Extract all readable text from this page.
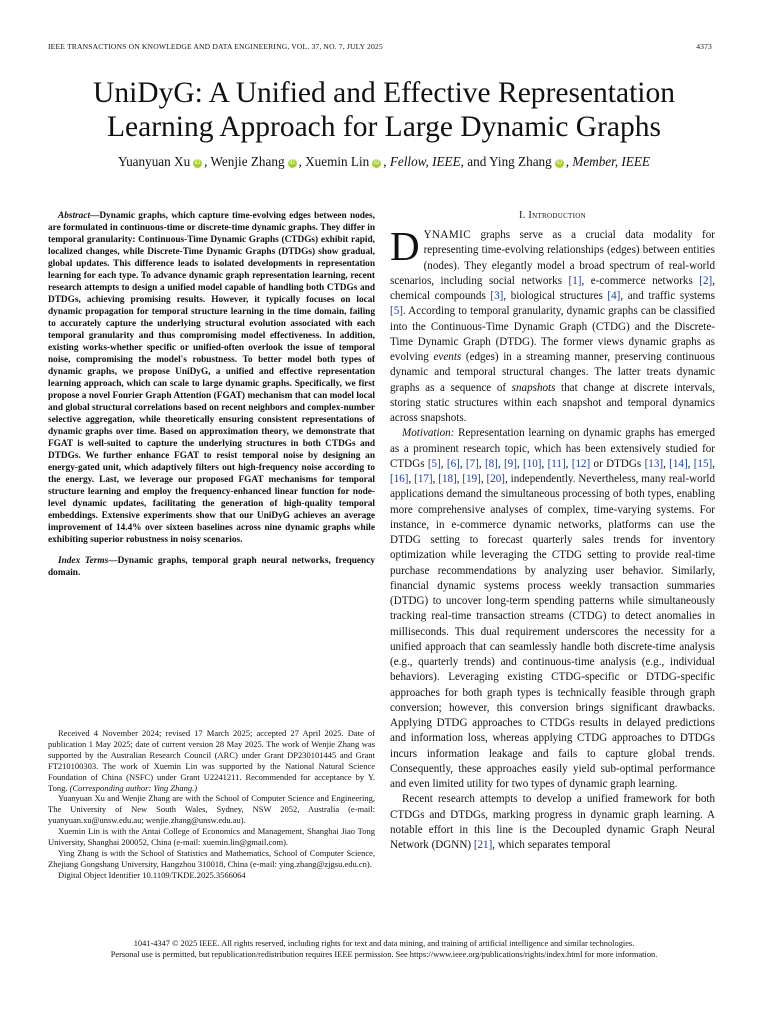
IEEE TRANSACTIONS ON KNOWLEDGE AND DATA ENGINEERING, VOL. 37, NO. 7, JULY 2025	4373
UniDyG: A Unified and Effective Representation
Learning Approach for Large Dynamic Graphs
Yuanyuan Xu iD , Wenjie Zhang iD , Xuemin Lin iD , Fellow, IEEE, and Ying Zhang iD , Member, IEEE

Abstract—Dynamic graphs, which capture time-evolving edges between nodes, are formulated in continuous-time or discrete-time dynamic graphs. They differ in temporal granularity: Continuous-Time Dynamic Graphs (CTDGs) exhibit rapid, localized changes, while Discrete-Time Dynamic Graphs (DTDGs) show gradual, global updates. This difference leads to isolated developments in representation learning for each type. To advance dynamic graph representation learning, recent research attempts to design a unified model capable of handling both CTDGs and DTDGs, achieving promising results. However, it typically focuses on local dynamic propagation for temporal structure learning in the time domain, failing to accurately capture the underlying structural evolution associated with each temporal granularity and thus compromising model effectiveness. In addition, existing works-whether specific or unified-often overlook the issue of temporal noise, compromising the model's robustness. To better model both types of dynamic graphs, we propose UniDyG, a unified and effective representation learning approach, which can scale to large dynamic graphs. Specifically, we first propose a novel Fourier Graph Attention (FGAT) mechanism that can model local and global structural correlations based on recent neighbors and complex-number selective aggregation, while theoretically ensuring consistent representations of dynamic graphs over time. Based on approximation theory, we demonstrate that FGAT is well-suited to capture the underlying structures in both CTDGs and DTDGs. We further enhance FGAT to resist temporal noise by designing an energy-gated unit, which adaptively filters out high-frequency noise according to the energy. Last, we leverage our proposed FGAT mechanisms for temporal structure learning and employ the frequency-enhanced linear function for node-level dynamic updates, facilitating the generation of high-quality temporal embeddings. Extensive experiments show that our UniDyG achieves an average improvement of 14.4% over sixteen baselines across nine dynamic graphs while exhibiting superior robustness in noisy scenarios.

Index Terms—Dynamic graphs, temporal graph neural networks, frequency domain.

Received 4 November 2024; revised 17 March 2025; accepted 27 April 2025. Date of publication 1 May 2025; date of current version 28 May 2025. The work of Wenjie Zhang was supported by the Australian Research Council (ARC) under Grant DP230101445 and Grant FT210100303. The work of Xuemin Lin was supported by the National Natural Science Foundation of China (NSFC) under Grant U2241211. Recommended for acceptance by Y. Tong. (Corresponding author: Ying Zhang.)

Yuanyuan Xu and Wenjie Zhang are with the School of Computer Science and Engineering, The University of New South Wales, Sydney, NSW 2052, Australia (e-mail: yuanyuan.xu@unsw.edu.au; wenjie.zhang@unsw.edu.au).

Xuemin Lin is with the Antai College of Economics and Management, Shanghai Jiao Tong University, Shanghai 200052, China (e-mail: xuemin.lin@gmail.com).

Ying Zhang is with the School of Statistics and Mathematics, School of Computer Science, Zhejiang Gongshang University, Hangzhou 310018, China (e-mail: ying.zhang@zjgsu.edu.cn).

Digital Object Identifier 10.1109/TKDE.2025.3566064

I. Introduction

DYNAMIC graphs serve as a crucial data modality for representing time-evolving relationships (edges) between entities (nodes). They elegantly model a broad spectrum of real-world scenarios, including social networks [1], e-commerce networks [2], chemical compounds [3], biological structures [4], and traffic systems [5]. According to temporal granularity, dynamic graphs can be classified into the Continuous-Time Dynamic Graph (CTDG) and the Discrete-Time Dynamic Graph (DTDG). The former views dynamic graphs as evolving events (edges) in a streaming manner, preserving continuous dynamic and temporal structural changes. The latter treats dynamic graphs as a sequence of snapshots that change at discrete intervals, storing static structures within each snapshot and temporal dynamics across snapshots.

Motivation: Representation learning on dynamic graphs has emerged as a prominent research topic, which has been extensively studied for CTDGs [5], [6], [7], [8], [9], [10], [11], [12] or DTDGs [13], [14], [15], [16], [17], [18], [19], [20], independently. Nevertheless, many real-world applications demand the simultaneous processing of both types, enabling more comprehensive analyses of complex, time-varying systems. For instance, in e-commerce dynamic networks, platforms can use the DTDG setting to forecast quarterly sales trends for inventory optimization while leveraging the CTDG setting to provide real-time purchase recommendations by analyzing user behavior. Similarly, financial dynamic systems process weekly transaction summaries (DTDG) to uncover long-term spending patterns while simultaneously tracking real-time transaction streams (CTDG) to detect anomalies in milliseconds. This dual requirement underscores the necessity for a unified approach that can seamlessly handle both discrete-time analysis (e.g., quarterly trends) and continuous-time analysis (e.g., individual behaviors). Leveraging existing CTDG-specific or DTDG-specific approaches for both graph types is technically feasible through graph conversion; however, this conversion brings significant drawbacks. Applying DTDG approaches to CTDGs results in delayed predictions and information loss, whereas applying CTDG approaches to DTDGs incurs information leakage and fails to capture global trends. Consequently, these approaches easily yield sub-optimal performance and even limited utility for two types of dynamic graph learning.

Recent research attempts to develop a unified framework for both CTDGs and DTDGs, marking progress in dynamic graph learning. A notable effort in this line is the Decoupled dynamic Graph Neural Network (DGNN) [21], which separates temporal

1041-4347 © 2025 IEEE. All rights reserved, including rights for text and data mining, and training of artificial intelligence and similar technologies.
Personal use is permitted, but republication/redistribution requires IEEE permission. See https://www.ieee.org/publications/rights/index.html for more information.
